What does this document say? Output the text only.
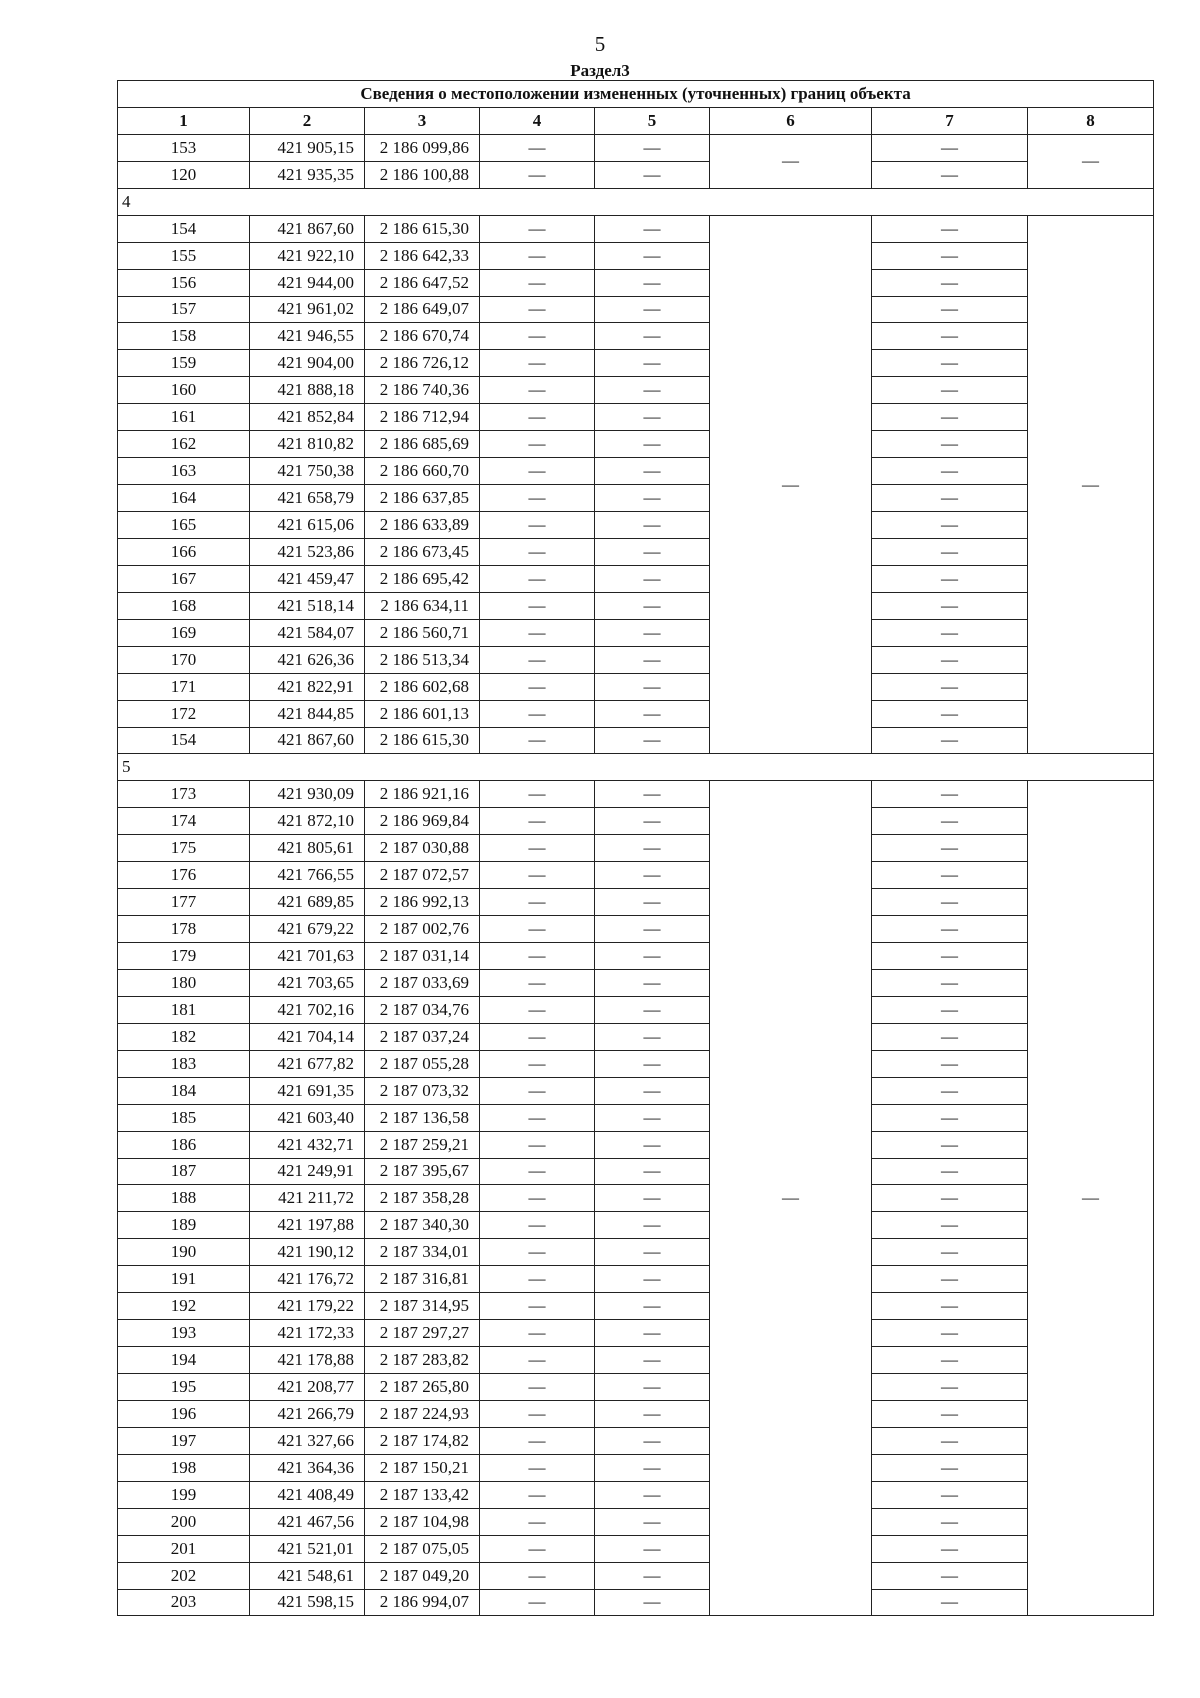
5
Раздел3
Сведения о местоположении измененных (уточненных) границ объекта							
1	2	3	4	5	6	7	8
153	421 905,15	2 186 099,86	—	—	—	—	—
120	421 935,35	2 186 100,88	—	—		—	
4							
154	421 867,60	2 186 615,30	—	—	—	—	—
155	421 922,10	2 186 642,33	—	—		—	
156	421 944,00	2 186 647,52	—	—		—	
157	421 961,02	2 186 649,07	—	—		—	
158	421 946,55	2 186 670,74	—	—		—	
159	421 904,00	2 186 726,12	—	—		—	
160	421 888,18	2 186 740,36	—	—		—	
161	421 852,84	2 186 712,94	—	—		—	
162	421 810,82	2 186 685,69	—	—		—	
163	421 750,38	2 186 660,70	—	—		—	
164	421 658,79	2 186 637,85	—	—		—	
165	421 615,06	2 186 633,89	—	—		—	
166	421 523,86	2 186 673,45	—	—		—	
167	421 459,47	2 186 695,42	—	—		—	
168	421 518,14	2 186 634,11	—	—		—	
169	421 584,07	2 186 560,71	—	—		—	
170	421 626,36	2 186 513,34	—	—		—	
171	421 822,91	2 186 602,68	—	—		—	
172	421 844,85	2 186 601,13	—	—		—	
154	421 867,60	2 186 615,30	—	—		—	
5							
173	421 930,09	2 186 921,16	—	—	—	—	—
174	421 872,10	2 186 969,84	—	—		—	
175	421 805,61	2 187 030,88	—	—		—	
176	421 766,55	2 187 072,57	—	—		—	
177	421 689,85	2 186 992,13	—	—		—	
178	421 679,22	2 187 002,76	—	—		—	
179	421 701,63	2 187 031,14	—	—		—	
180	421 703,65	2 187 033,69	—	—		—	
181	421 702,16	2 187 034,76	—	—		—	
182	421 704,14	2 187 037,24	—	—		—	
183	421 677,82	2 187 055,28	—	—		—	
184	421 691,35	2 187 073,32	—	—		—	
185	421 603,40	2 187 136,58	—	—		—	
186	421 432,71	2 187 259,21	—	—		—	
187	421 249,91	2 187 395,67	—	—		—	
188	421 211,72	2 187 358,28	—	—		—	
189	421 197,88	2 187 340,30	—	—		—	
190	421 190,12	2 187 334,01	—	—		—	
191	421 176,72	2 187 316,81	—	—		—	
192	421 179,22	2 187 314,95	—	—		—	
193	421 172,33	2 187 297,27	—	—		—	
194	421 178,88	2 187 283,82	—	—		—	
195	421 208,77	2 187 265,80	—	—		—	
196	421 266,79	2 187 224,93	—	—		—	
197	421 327,66	2 187 174,82	—	—		—	
198	421 364,36	2 187 150,21	—	—		—	
199	421 408,49	2 187 133,42	—	—		—	
200	421 467,56	2 187 104,98	—	—		—	
201	421 521,01	2 187 075,05	—	—		—	
202	421 548,61	2 187 049,20	—	—		—	
203	421 598,15	2 186 994,07	—	—		—	
